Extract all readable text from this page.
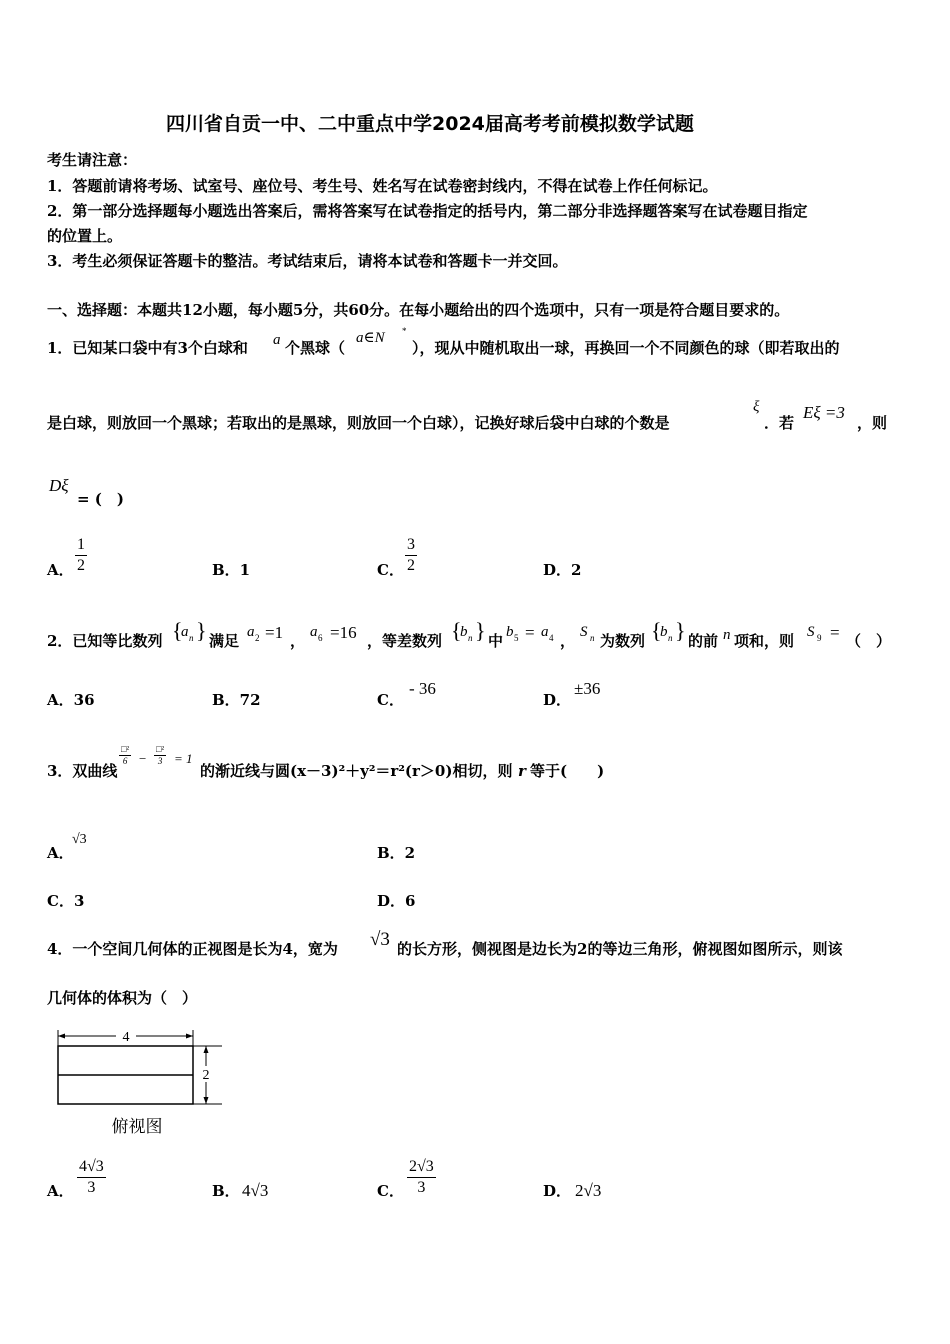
四川省自贡一中、二中重点中学2024届高考考前模拟数学试题
考生请注意：
1．答题前请将考场、试室号、座位号、考生号、姓名写在试卷密封线内，不得在试卷上作任何标记。
2．第一部分选择题每小题选出答案后，需将答案写在试卷指定的括号内，第二部分非选择题答案写在试卷题目指定
的位置上。
3．考生必须保证答题卡的整洁。考试结束后，请将本试卷和答题卡一并交回。
一、选择题：本题共12小题，每小题5分，共60分。在每小题给出的四个选项中，只有一项是符合题目要求的。
1．已知某口袋中有3个白球和 a 个黑球（
a∈N *
），现从中随机取出一球，再换回一个不同颜色的球（即若取出的
是白球，则放回一个黑球；若取出的是黑球，则放回一个白球），记换好球后袋中白球的个数是
ξ
．若
Eξ =3
，则
Dξ
= (　)
A．
1
2	B．1	C．
3
2	D．2
2．已知等比数列 {
a n } 满足 a 2 =1 ， a 6 =16 ，等差数列 {
b n } 中 b 5 = a 4 ， S n 为数列 {
b n } 的前 n 项和，则 S 9 = （　）
A．36	B．72	C．
- 36
D．
±36
3．双曲线
□²
6 −
□²
3 = 1
的渐近线与圆(x－3)²＋y²＝r²(r＞0)相切，则 r 等于(　　)
A．
√3
B．2
C．3	D．6
4．一个空间几何体的正视图是长为4，宽为 √3 的长方形，侧视图是边长为2的等边三角形，俯视图如图所示，则该
几何体的体积为（　）
4
2
俯视图
A．
4√3
3	B． 4√3	C．
2√3
3	D． 2√3
